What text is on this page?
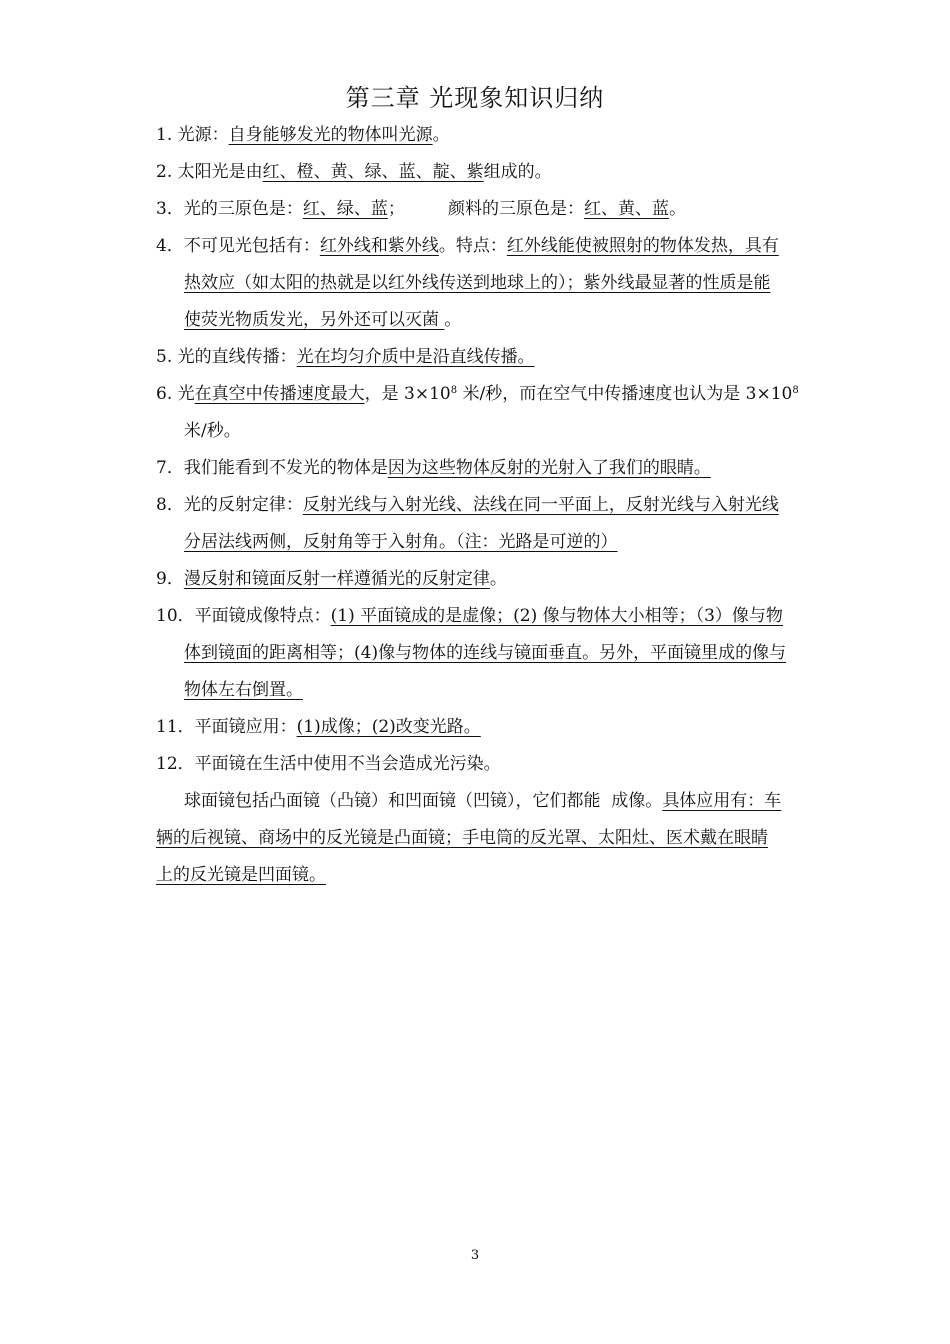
第三章 光现象知识归纳
1. 光源：自身能够发光的物体叫光源。
2. 太阳光是由红、橙、黄、绿、蓝、靛、紫组成的。
3．光的三原色是：红、绿、蓝；        颜料的三原色是：红、黄、蓝。
4．不可见光包括有：红外线和紫外线。特点：红外线能使被照射的物体发热，具有
热效应（如太阳的热就是以红外线传送到地球上的）；紫外线最显著的性质是能
使荧光物质发光，另外还可以灭菌 。
5. 光的直线传播：光在均匀介质中是沿直线传播。
6. 光在真空中传播速度最大，是 $3\times 10^8$ 米/秒，而在空气中传播速度也认为是 $3\times 10^8$
米/秒。
7．我们能看到不发光的物体是因为这些物体反射的光射入了我们的眼睛。
8．光的反射定律：反射光线与入射光线、法线在同一平面上，反射光线与入射光线
分居法线两侧，反射角等于入射角。（注：光路是可逆的）
9．漫反射和镜面反射一样遵循光的反射定律。
10．平面镜成像特点：(1) 平面镜成的是虚像；(2) 像与物体大小相等；（3）像与物
体到镜面的距离相等；(4)像与物体的连线与镜面垂直。另外，平面镜里成的像与
物体左右倒置。
11．平面镜应用：(1)成像；(2)改变光路。
12．平面镜在生活中使用不当会造成光污染。
球面镜包括凸面镜（凸镜）和凹面镜（凹镜），它们都能  成像。具体应用有：车
辆的后视镜、商场中的反光镜是凸面镜；手电筒的反光罩、太阳灶、医术戴在眼睛
上的反光镜是凹面镜。
3
